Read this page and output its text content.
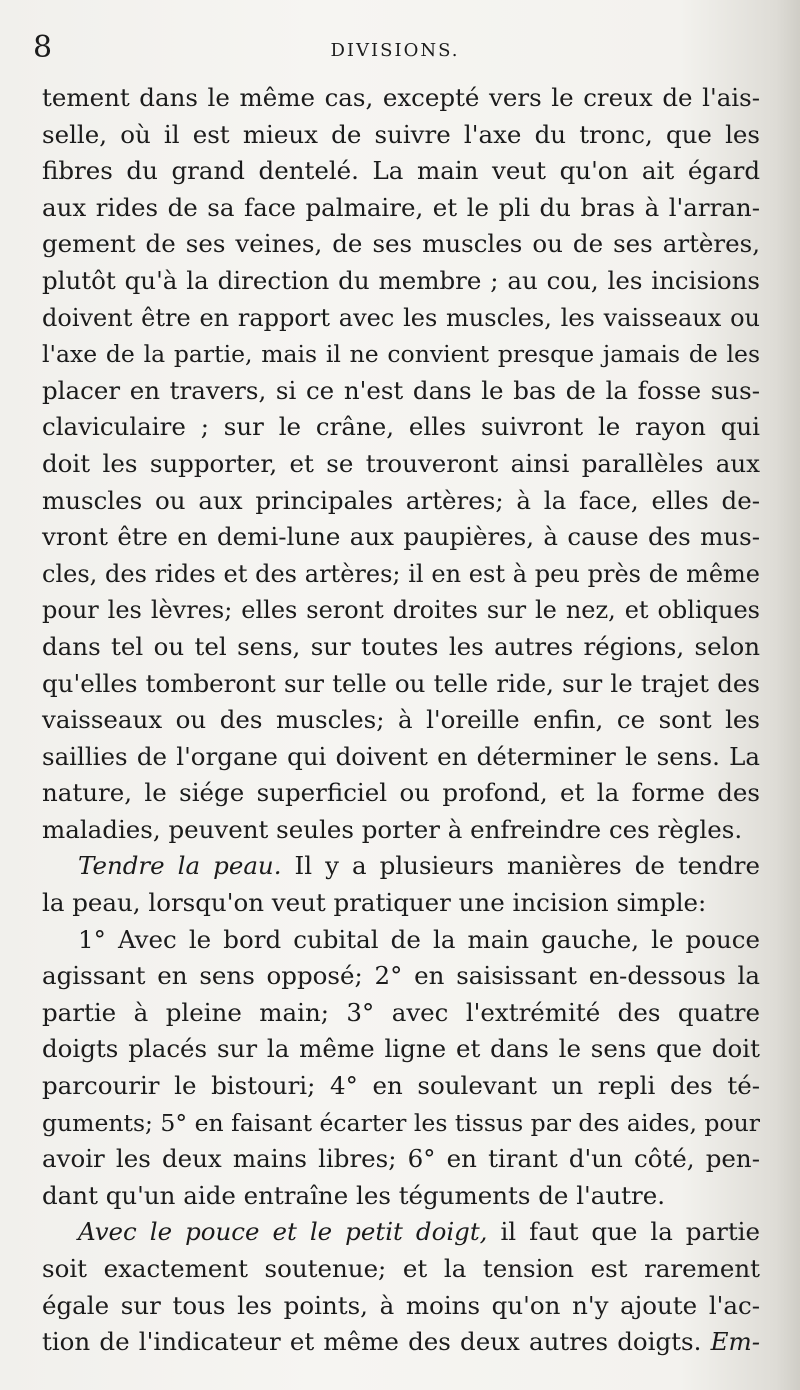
8	DIVISIONS.
tement dans le même cas, excepté vers le creux de l'ais-
selle, où il est mieux de suivre l'axe du tronc, que les
fibres du grand dentelé. La main veut qu'on ait égard
aux rides de sa face palmaire, et le pli du bras à l'arran-
gement de ses veines, de ses muscles ou de ses artères,
plutôt qu'à la direction du membre ; au cou, les incisions
doivent être en rapport avec les muscles, les vaisseaux ou
l'axe de la partie, mais il ne convient presque jamais de les
placer en travers, si ce n'est dans le bas de la fosse sus-
claviculaire ; sur le crâne, elles suivront le rayon qui
doit les supporter, et se trouveront ainsi parallèles aux
muscles ou aux principales artères; à la face, elles de-
vront être en demi-lune aux paupières, à cause des mus-
cles, des rides et des artères; il en est à peu près de même
pour les lèvres; elles seront droites sur le nez, et obliques
dans tel ou tel sens, sur toutes les autres régions, selon
qu'elles tomberont sur telle ou telle ride, sur le trajet des
vaisseaux ou des muscles; à l'oreille enfin, ce sont les
saillies de l'organe qui doivent en déterminer le sens. La
nature, le siége superficiel ou profond, et la forme des
maladies, peuvent seules porter à enfreindre ces règles.
Tendre la peau. Il y a plusieurs manières de tendre
la peau, lorsqu'on veut pratiquer une incision simple:
1° Avec le bord cubital de la main gauche, le pouce
agissant en sens opposé; 2° en saisissant en-dessous la
partie à pleine main; 3° avec l'extrémité des quatre
doigts placés sur la même ligne et dans le sens que doit
parcourir le bistouri; 4° en soulevant un repli des té-
guments; 5° en faisant écarter les tissus par des aides, pour
avoir les deux mains libres; 6° en tirant d'un côté, pen-
dant qu'un aide entraîne les téguments de l'autre.
Avec le pouce et le petit doigt, il faut que la partie
soit exactement soutenue; et la tension est rarement
égale sur tous les points, à moins qu'on n'y ajoute l'ac-
tion de l'indicateur et même des deux autres doigts. Em-
